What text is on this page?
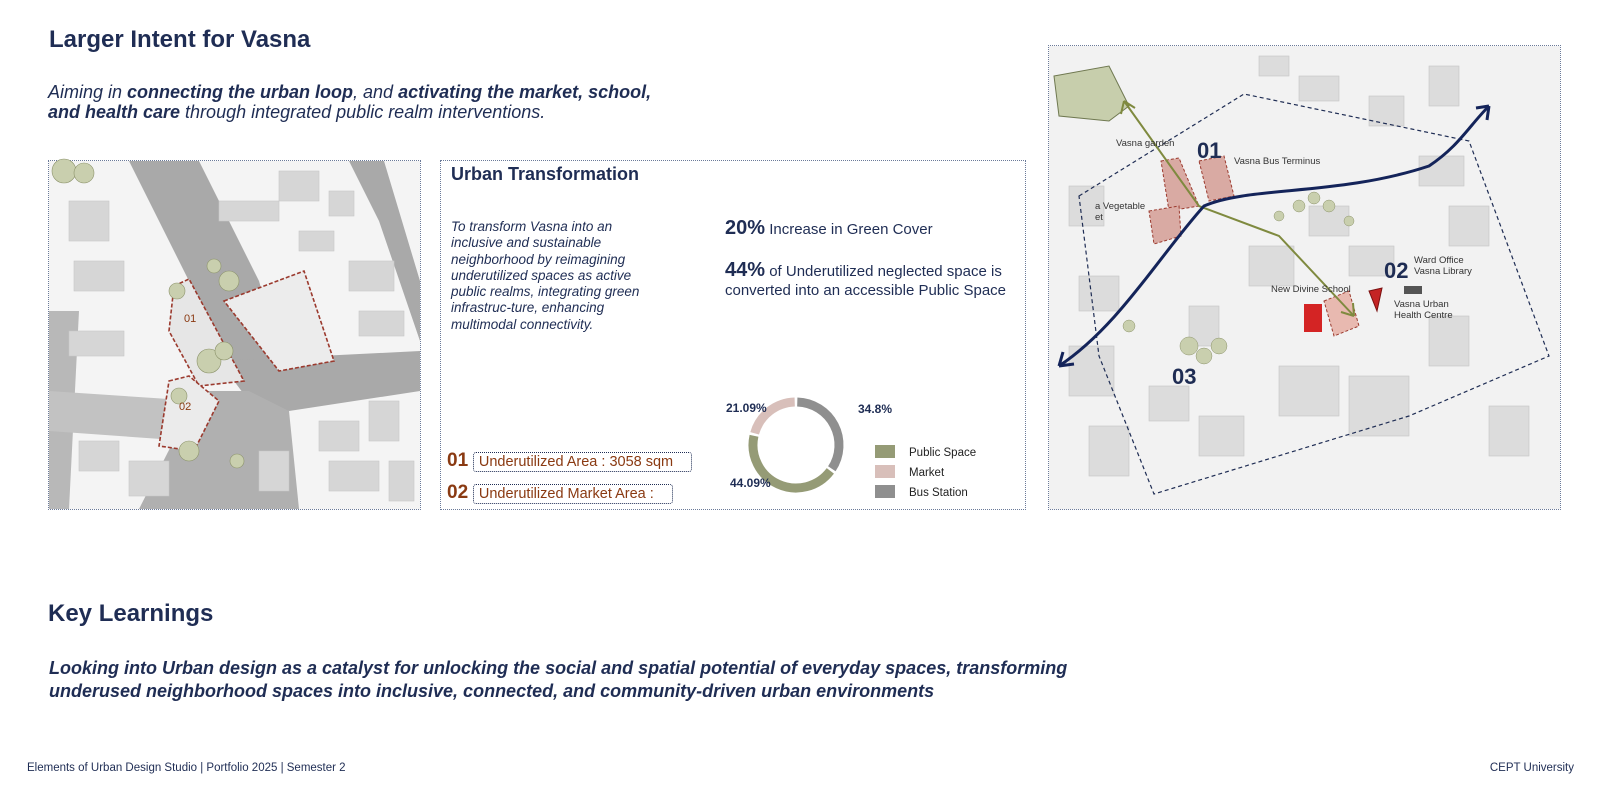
Larger Intent for Vasna
Aiming in connecting the urban loop, and activating the market, school,
and health care through integrated public realm interventions.
01
02
Urban Transformation
To transform Vasna into an inclusive and sustainable neighborhood by reimagining underutilized spaces as active public realms, integrating green infrastruc-ture, enhancing multimodal connectivity.
20% Increase in Green Cover
44% of Underutilized neglected space is converted into an accessible Public Space
01 Underutilized Area : 3058 sqm
02 Underutilized Market Area :
34.8%
44.09%
21.09%
Public Space
Market
Bus Station
01
02
03
Vasna garden
Vasna Bus Terminus
a Vegetable
et
New Divine School
Ward Office
Vasna Library
Vasna Urban
Health Centre
Key Learnings
Looking into Urban design as a catalyst for unlocking the social and spatial potential of everyday spaces, transforming underused neighborhood spaces into inclusive, connected, and community-driven urban environments
Elements of Urban Design Studio | Portfolio 2025 | Semester 2	CEPT University
